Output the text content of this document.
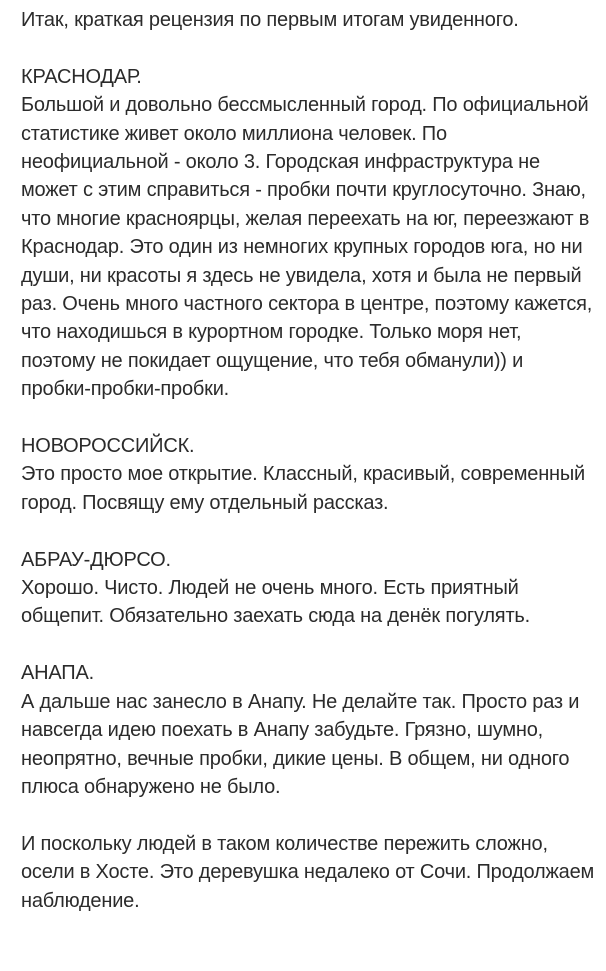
Итак, краткая рецензия по первым итогам увиденного.

КРАСНОДАР.
Большой и довольно бессмысленный город. По официальной статистике живет около миллиона человек. По неофициальной - около 3. Городская инфраструктура не может с этим справиться - пробки почти круглосуточно. Знаю, что многие красноярцы, желая переехать на юг, переезжают в Краснодар. Это один из немногих крупных городов юга, но ни души, ни красоты я здесь не увидела, хотя и была не первый раз. Очень много частного сектора в центре, поэтому кажется, что находишься в курортном городке. Только моря нет, поэтому не покидает ощущение, что тебя обманули)) и пробки-пробки-пробки.

НОВОРОССИЙСК.
Это просто мое открытие. Классный, красивый, современный город. Посвящу ему отдельный рассказ.

АБРАУ-ДЮРСО.
Хорошо. Чисто. Людей не очень много. Есть приятный общепит. Обязательно заехать сюда на денёк погулять.

АНАПА.
А дальше нас занесло в Анапу. Не делайте так. Просто раз и навсегда идею поехать в Анапу забудьте. Грязно, шумно, неопрятно, вечные пробки, дикие цены. В общем, ни одного плюса обнаружено не было.

И поскольку людей в таком количестве пережить сложно, осели в Хосте. Это деревушка недалеко от Сочи. Продолжаем наблюдение.
